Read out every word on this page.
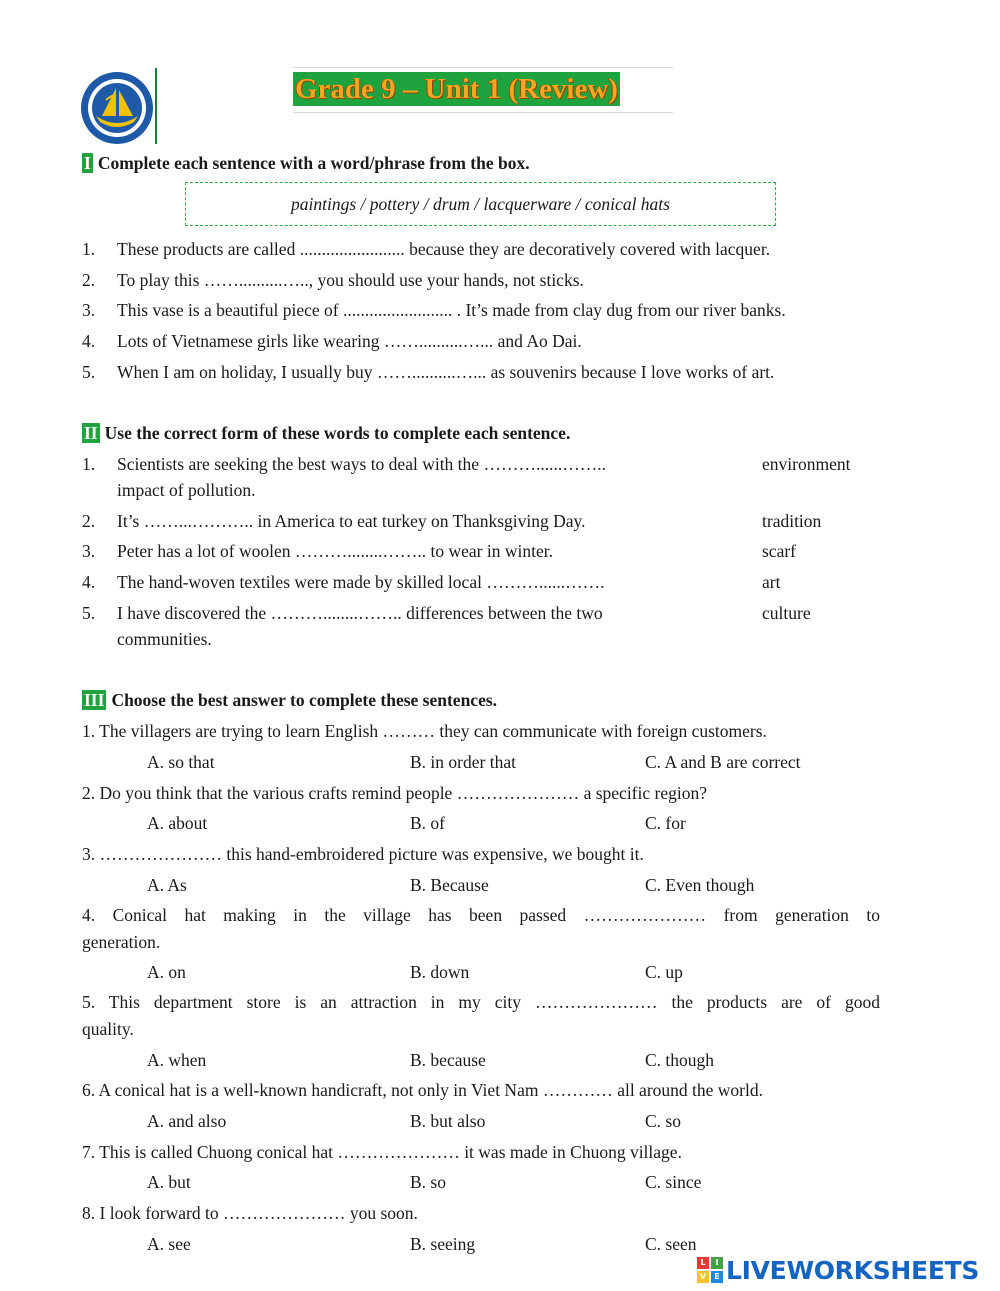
Grade 9 – Unit 1 (Review)
I Complete each sentence with a word/phrase from the box.
paintings / pottery / drum / lacquerware / conical hats
1. These products are called ........................ because they are decoratively covered with lacquer.
2. To play this ……..........….., you should use your hands, not sticks.
3. This vase is a beautiful piece of ......................... . It’s made from clay dug from our river banks.
4. Lots of Vietnamese girls like wearing ……..........…... and Ao Dai.
5. When I am on holiday, I usually buy ……..........…... as souvenirs because I love works of art.
II Use the correct form of these words to complete each sentence.
1. Scientists are seeking the best ways to deal with the ………......……..
impact of pollution.
environment
2. It’s ……...……….. in America to eat turkey on Thanksgiving Day.	tradition
3. Peter has a lot of woolen ………........…….. to wear in winter.	scarf
4. The hand-woven textiles were made by skilled local ………......…….	art
5. I have discovered the ………........…….. differences between the two
communities.
culture
III Choose the best answer to complete these sentences.
1. The villagers are trying to learn English ……… they can communicate with foreign customers.
A. so that	B. in order that	C. A and B are correct
2. Do you think that the various crafts remind people ………………… a specific region?
A. about	B. of	C. for
3. ………………… this hand-embroidered picture was expensive, we bought it.
A. As	B. Because	C. Even though
4. Conical hat making in the village has been passed ………………… from generation to
generation.
A. on	B. down	C. up
5. This department store is an attraction in my city ………………… the products are of good
quality.
A. when	B. because	C. though
6. A conical hat is a well-known handicraft, not only in Viet Nam ………… all around the world.
A. and also	B. but also	C. so
7. This is called Chuong conical hat ………………… it was made in Chuong village.
A. but	B. so	C. since
8. I look forward to ………………… you soon.
A. see	B. seeing	C. seen
L	I
V	E LIVEWORKSHEETS
